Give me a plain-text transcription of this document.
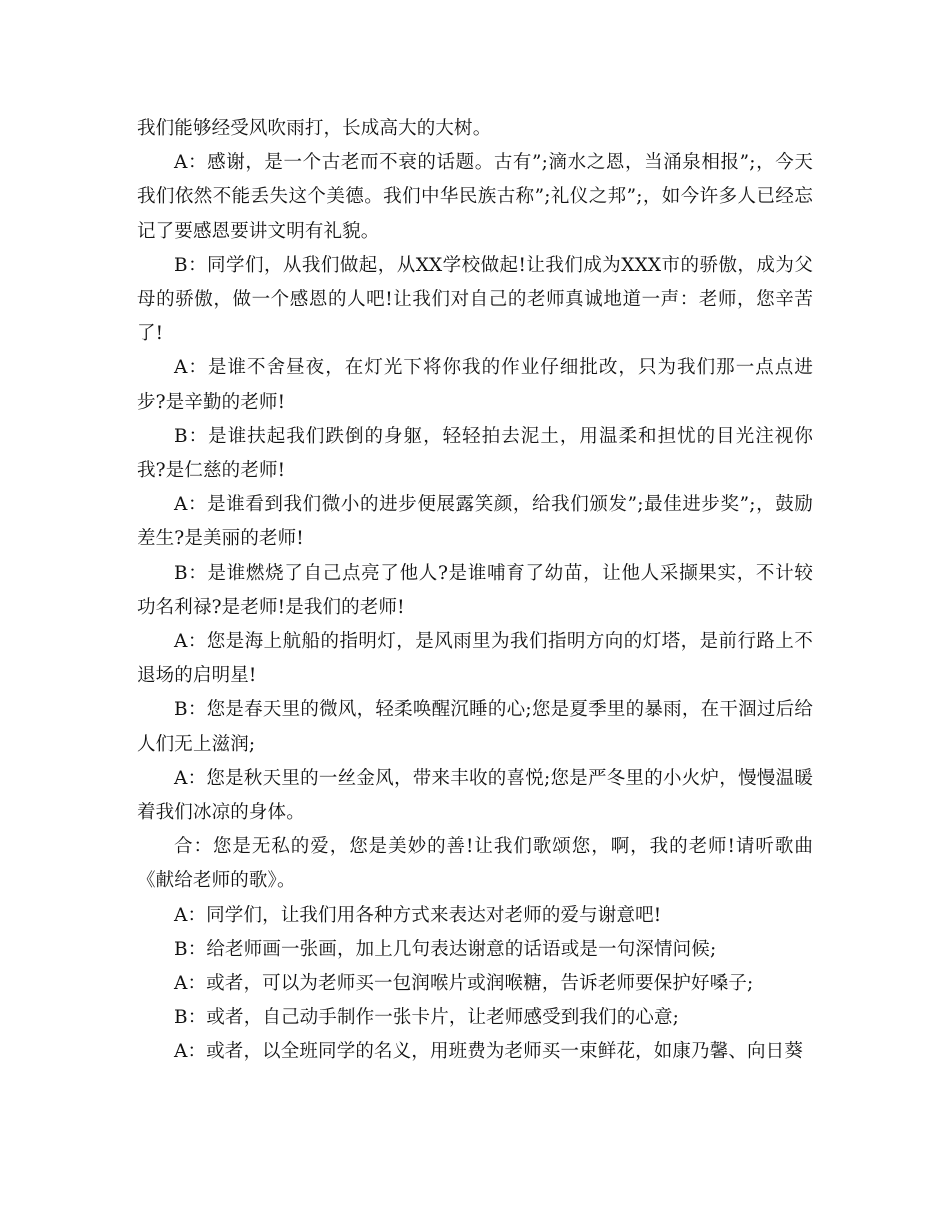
我们能够经受风吹雨打，长成高大的大树。

A：感谢，是一个古老而不衰的话题。古有”;滴水之恩，当涌泉相报”;，今天我们依然不能丢失这个美德。我们中华民族古称”;礼仪之邦”;，如今许多人已经忘记了要感恩要讲文明有礼貌。

B：同学们，从我们做起，从XX学校做起!让我们成为XXX市的骄傲，成为父母的骄傲，做一个感恩的人吧!让我们对自己的老师真诚地道一声：老师，您辛苦了!

A：是谁不舍昼夜，在灯光下将你我的作业仔细批改，只为我们那一点点进步?是辛勤的老师!

B：是谁扶起我们跌倒的身躯，轻轻拍去泥土，用温柔和担忧的目光注视你我?是仁慈的老师!

A：是谁看到我们微小的进步便展露笑颜，给我们颁发”;最佳进步奖”;，鼓励差生?是美丽的老师!

B：是谁燃烧了自己点亮了他人?是谁哺育了幼苗，让他人采撷果实，不计较功名利禄?是老师!是我们的老师!

A：您是海上航船的指明灯，是风雨里为我们指明方向的灯塔，是前行路上不退场的启明星!

B：您是春天里的微风，轻柔唤醒沉睡的心;您是夏季里的暴雨，在干涸过后给人们无上滋润;

A：您是秋天里的一丝金风，带来丰收的喜悦;您是严冬里的小火炉，慢慢温暖着我们冰凉的身体。

合：您是无私的爱，您是美妙的善!让我们歌颂您，啊，我的老师!请听歌曲《献给老师的歌》。

A：同学们，让我们用各种方式来表达对老师的爱与谢意吧!

B：给老师画一张画，加上几句表达谢意的话语或是一句深情问候;

A：或者，可以为老师买一包润喉片或润喉糖，告诉老师要保护好嗓子;

B：或者，自己动手制作一张卡片，让老师感受到我们的心意;

A：或者，以全班同学的名义，用班费为老师买一束鲜花，如康乃馨、向日葵
